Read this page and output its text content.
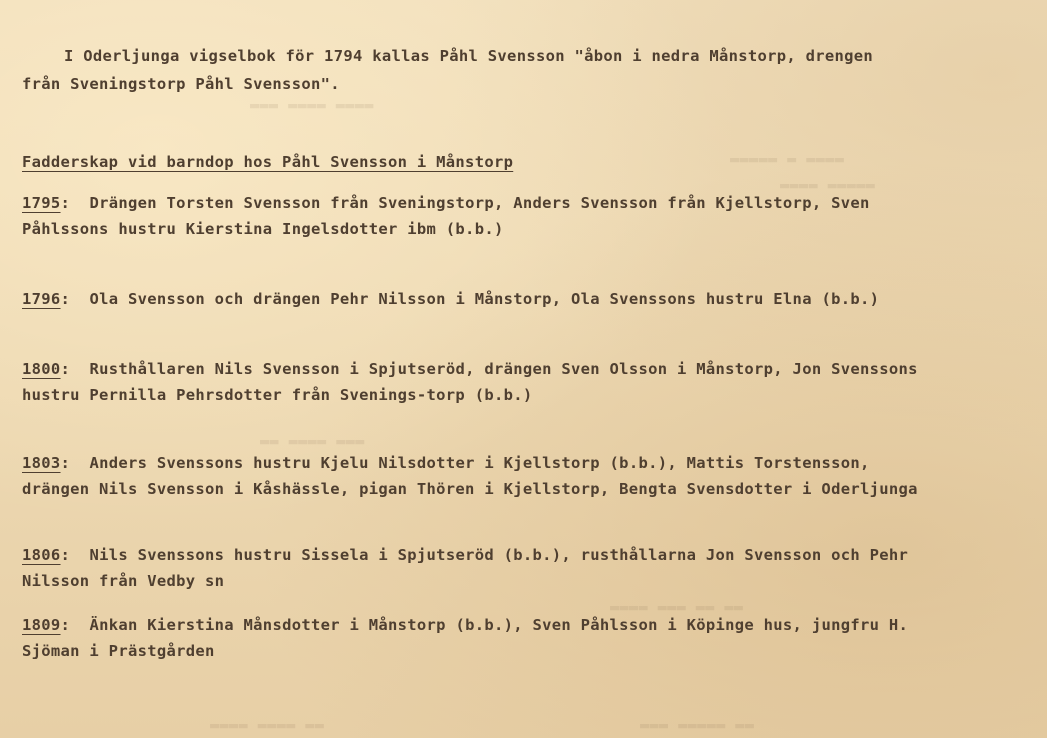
▬▬▬ ▬▬▬▬ ▬▬▬▬
▬▬▬▬▬ ▬ ▬▬▬▬
▬▬▬▬ ▬▬▬▬▬
▬▬ ▬▬▬▬ ▬▬▬
▬▬▬▬ ▬▬▬ ▬▬ ▬▬
▬▬▬▬ ▬▬▬▬ ▬▬	▬▬▬ ▬▬▬▬▬ ▬▬

I Oderljunga vigselbok för 1794 kallas Påhl Svensson "åbon i nedra Månstorp, drengen från Sveningstorp Påhl Svensson".

Fadderskap vid barndop hos Påhl Svensson i Månstorp

1795:  Drängen Torsten Svensson från Sveningstorp, Anders Svensson från Kjellstorp, Sven Påhlssons hustru Kierstina Ingelsdotter ibm (b.b.)

1796:  Ola Svensson och drängen Pehr Nilsson i Månstorp, Ola Svenssons hustru Elna (b.b.)

1800:  Rusthållaren Nils Svensson i Spjutseröd, drängen Sven Olsson i Månstorp, Jon Svenssons hustru Pernilla Pehrsdotter från Svenings-torp (b.b.)

1803:  Anders Svenssons hustru Kjelu Nilsdotter i Kjellstorp (b.b.), Mattis Torstensson, drängen Nils Svensson i Kåshässle, pigan Thören i Kjellstorp, Bengta Svensdotter i Oderljunga

1806:  Nils Svenssons hustru Sissela i Spjutseröd (b.b.), rusthållarna Jon Svensson och Pehr Nilsson från Vedby sn

1809:  Änkan Kierstina Månsdotter i Månstorp (b.b.), Sven Påhlsson i Köpinge hus, jungfru H. Sjöman i Prästgården
